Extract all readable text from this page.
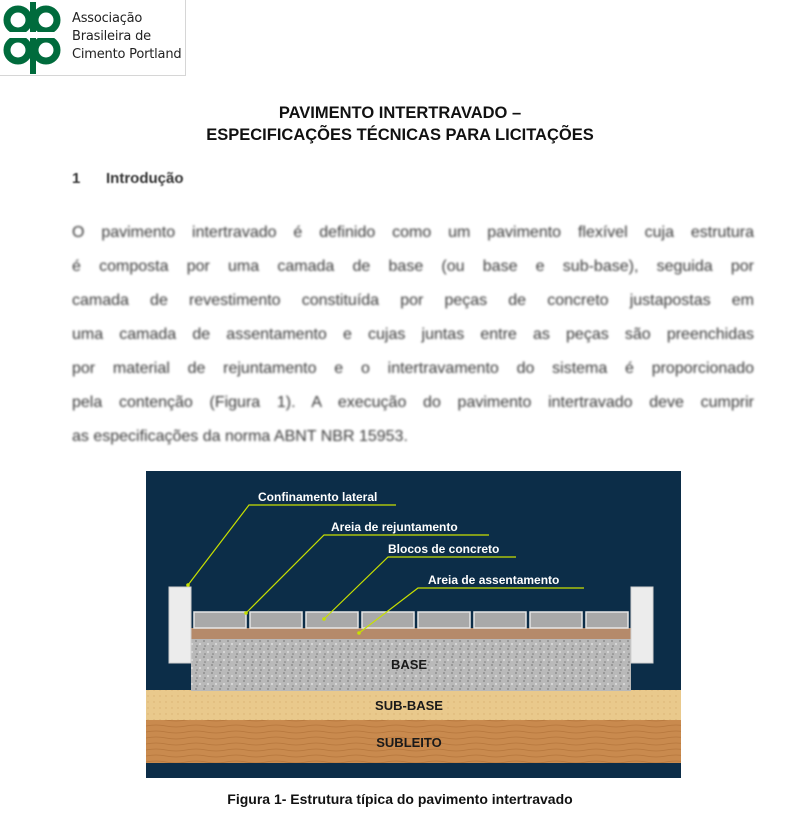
Associação
Brasileira de
Cimento Portland
PAVIMENTO INTERTRAVADO –
ESPECIFICAÇÕES TÉCNICAS PARA LICITAÇÕES
1 Introdução
O pavimento intertravado é definido como um pavimento flexível cuja estrutura
é composta por uma camada de base (ou base e sub-base), seguida por
camada de revestimento constituída por peças de concreto justapostas em
uma camada de assentamento e cujas juntas entre as peças são preenchidas
por material de rejuntamento e o intertravamento do sistema é proporcionado
pela contenção (Figura 1). A execução do pavimento intertravado deve cumprir
as especificações da norma ABNT NBR 15953.
Confinamento lateral
Areia de rejuntamento
Blocos de concreto
Areia de assentamento
BASE
SUB-BASE
SUBLEITO
Figura 1- Estrutura típica do pavimento intertravado
